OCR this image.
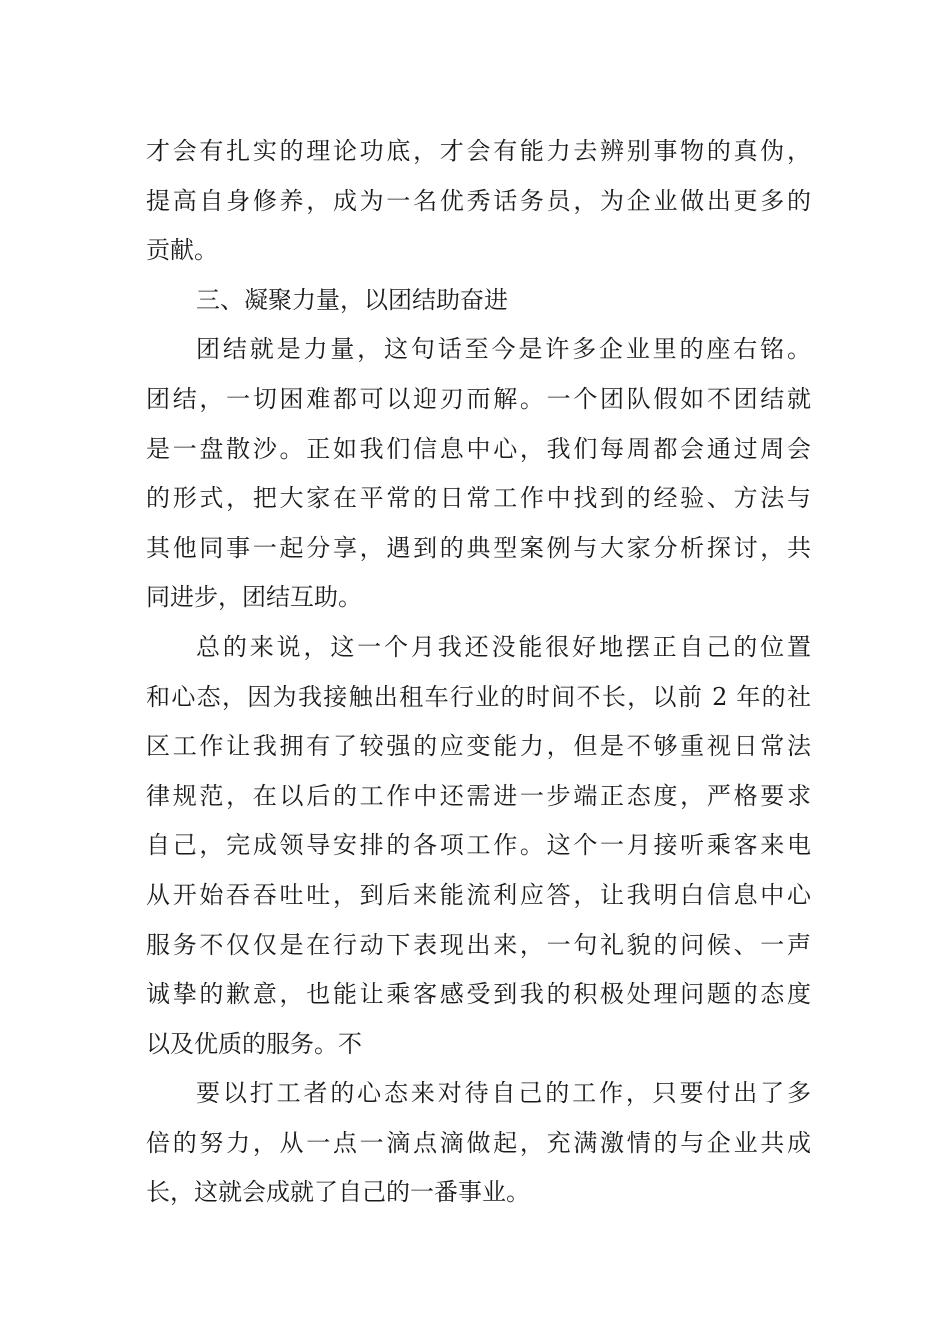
才会有扎实的理论功底，才会有能力去辨别事物的真伪，
提高自身修养，成为一名优秀话务员，为企业做出更多的
贡献。
三、凝聚力量，以团结助奋进
团结就是力量，这句话至今是许多企业里的座右铭。
团结，一切困难都可以迎刃而解。一个团队假如不团结就
是一盘散沙。正如我们信息中心，我们每周都会通过周会
的形式，把大家在平常的日常工作中找到的经验、方法与
其他同事一起分享，遇到的典型案例与大家分析探讨，共
同进步，团结互助。
总的来说，这一个月我还没能很好地摆正自己的位置
和心态，因为我接触出租车行业的时间不长，以前 2 年的社
区工作让我拥有了较强的应变能力，但是不够重视日常法
律规范，在以后的工作中还需进一步端正态度，严格要求
自己，完成领导安排的各项工作。这个一月接听乘客来电
从开始吞吞吐吐，到后来能流利应答，让我明白信息中心
服务不仅仅是在行动下表现出来，一句礼貌的问候、一声
诚挚的歉意，也能让乘客感受到我的积极处理问题的态度
以及优质的服务。不
要以打工者的心态来对待自己的工作，只要付出了多
倍的努力，从一点一滴点滴做起，充满激情的与企业共成
长，这就会成就了自己的一番事业。
